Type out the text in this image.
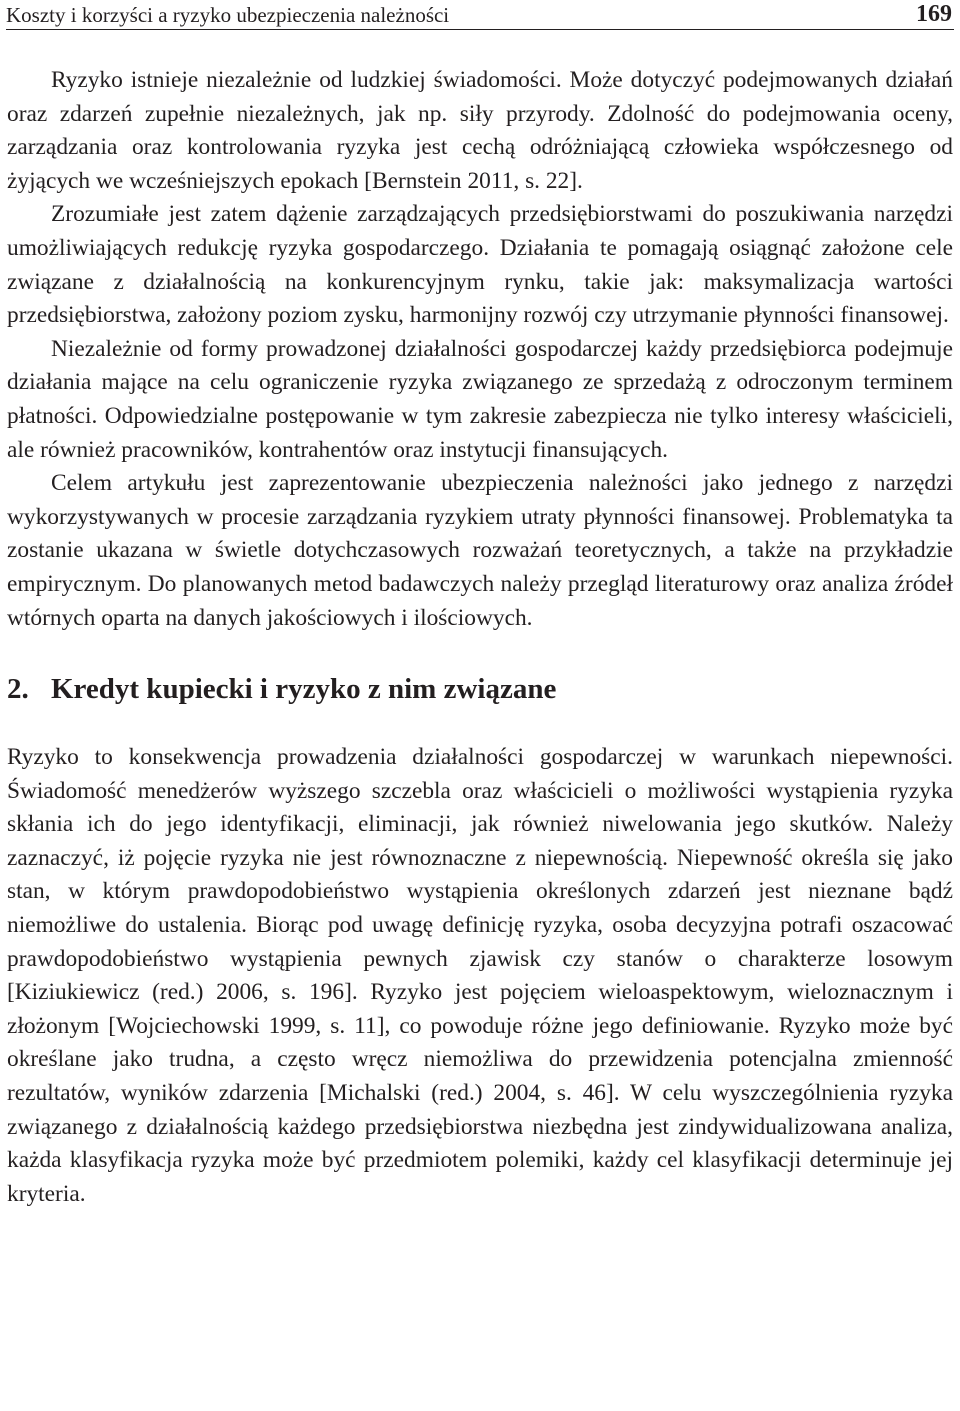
Koszty i korzyści a ryzyko ubezpieczenia należności	169

Ryzyko istnieje niezależnie od ludzkiej świadomości. Może dotyczyć podejmowanych działań oraz zdarzeń zupełnie niezależnych, jak np. siły przyrody. Zdolność do podejmowania oceny, zarządzania oraz kontrolowania ryzyka jest cechą odróżniającą człowieka współczesnego od żyjących we wcześniejszych epokach [Bernstein 2011, s. 22].

Zrozumiałe jest zatem dążenie zarządzających przedsiębiorstwami do poszukiwania narzędzi umożliwiających redukcję ryzyka gospodarczego. Działania te pomagają osiągnąć założone cele związane z działalnością na konkurencyjnym rynku, takie jak: maksymalizacja wartości przedsiębiorstwa, założony poziom zysku, harmonijny rozwój czy utrzymanie płynności finansowej.

Niezależnie od formy prowadzonej działalności gospodarczej każdy przedsiębiorca podejmuje działania mające na celu ograniczenie ryzyka związanego ze sprzedażą z odroczonym terminem płatności. Odpowiedzialne postępowanie w tym zakresie zabezpiecza nie tylko interesy właścicieli, ale również pracowników, kontrahentów oraz instytucji finansujących.

Celem artykułu jest zaprezentowanie ubezpieczenia należności jako jednego z narzędzi wykorzystywanych w procesie zarządzania ryzykiem utraty płynności finansowej. Problematyka ta zostanie ukazana w świetle dotychczasowych rozważań teoretycznych, a także na przykładzie empirycznym. Do planowanych metod badawczych należy przegląd literaturowy oraz analiza źródeł wtórnych oparta na danych jakościowych i ilościowych.

2. Kredyt kupiecki i ryzyko z nim związane

Ryzyko to konsekwencja prowadzenia działalności gospodarczej w warunkach niepewności. Świadomość menedżerów wyższego szczebla oraz właścicieli o możliwości wystąpienia ryzyka skłania ich do jego identyfikacji, eliminacji, jak również niwelowania jego skutków. Należy zaznaczyć, iż pojęcie ryzyka nie jest równoznaczne z niepewnością. Niepewność określa się jako stan, w którym prawdopodobieństwo wystąpienia określonych zdarzeń jest nieznane bądź niemożliwe do ustalenia. Biorąc pod uwagę definicję ryzyka, osoba decyzyjna potrafi oszacować prawdopodobieństwo wystąpienia pewnych zjawisk czy stanów o charakterze losowym [Kiziukiewicz (red.) 2006, s. 196]. Ryzyko jest pojęciem wieloaspektowym, wieloznacznym i złożonym [Wojciechowski 1999, s. 11], co powoduje różne jego definiowanie. Ryzyko może być określane jako trudna, a często wręcz niemożliwa do przewidzenia potencjalna zmienność rezultatów, wyników zdarzenia [Michalski (red.) 2004, s. 46]. W celu wyszczególnienia ryzyka związanego z działalnością każdego przedsiębiorstwa niezbędna jest zindywidualizowana analiza, każda klasyfikacja ryzyka może być przedmiotem polemiki, każdy cel klasyfikacji determinuje jej kryteria.
